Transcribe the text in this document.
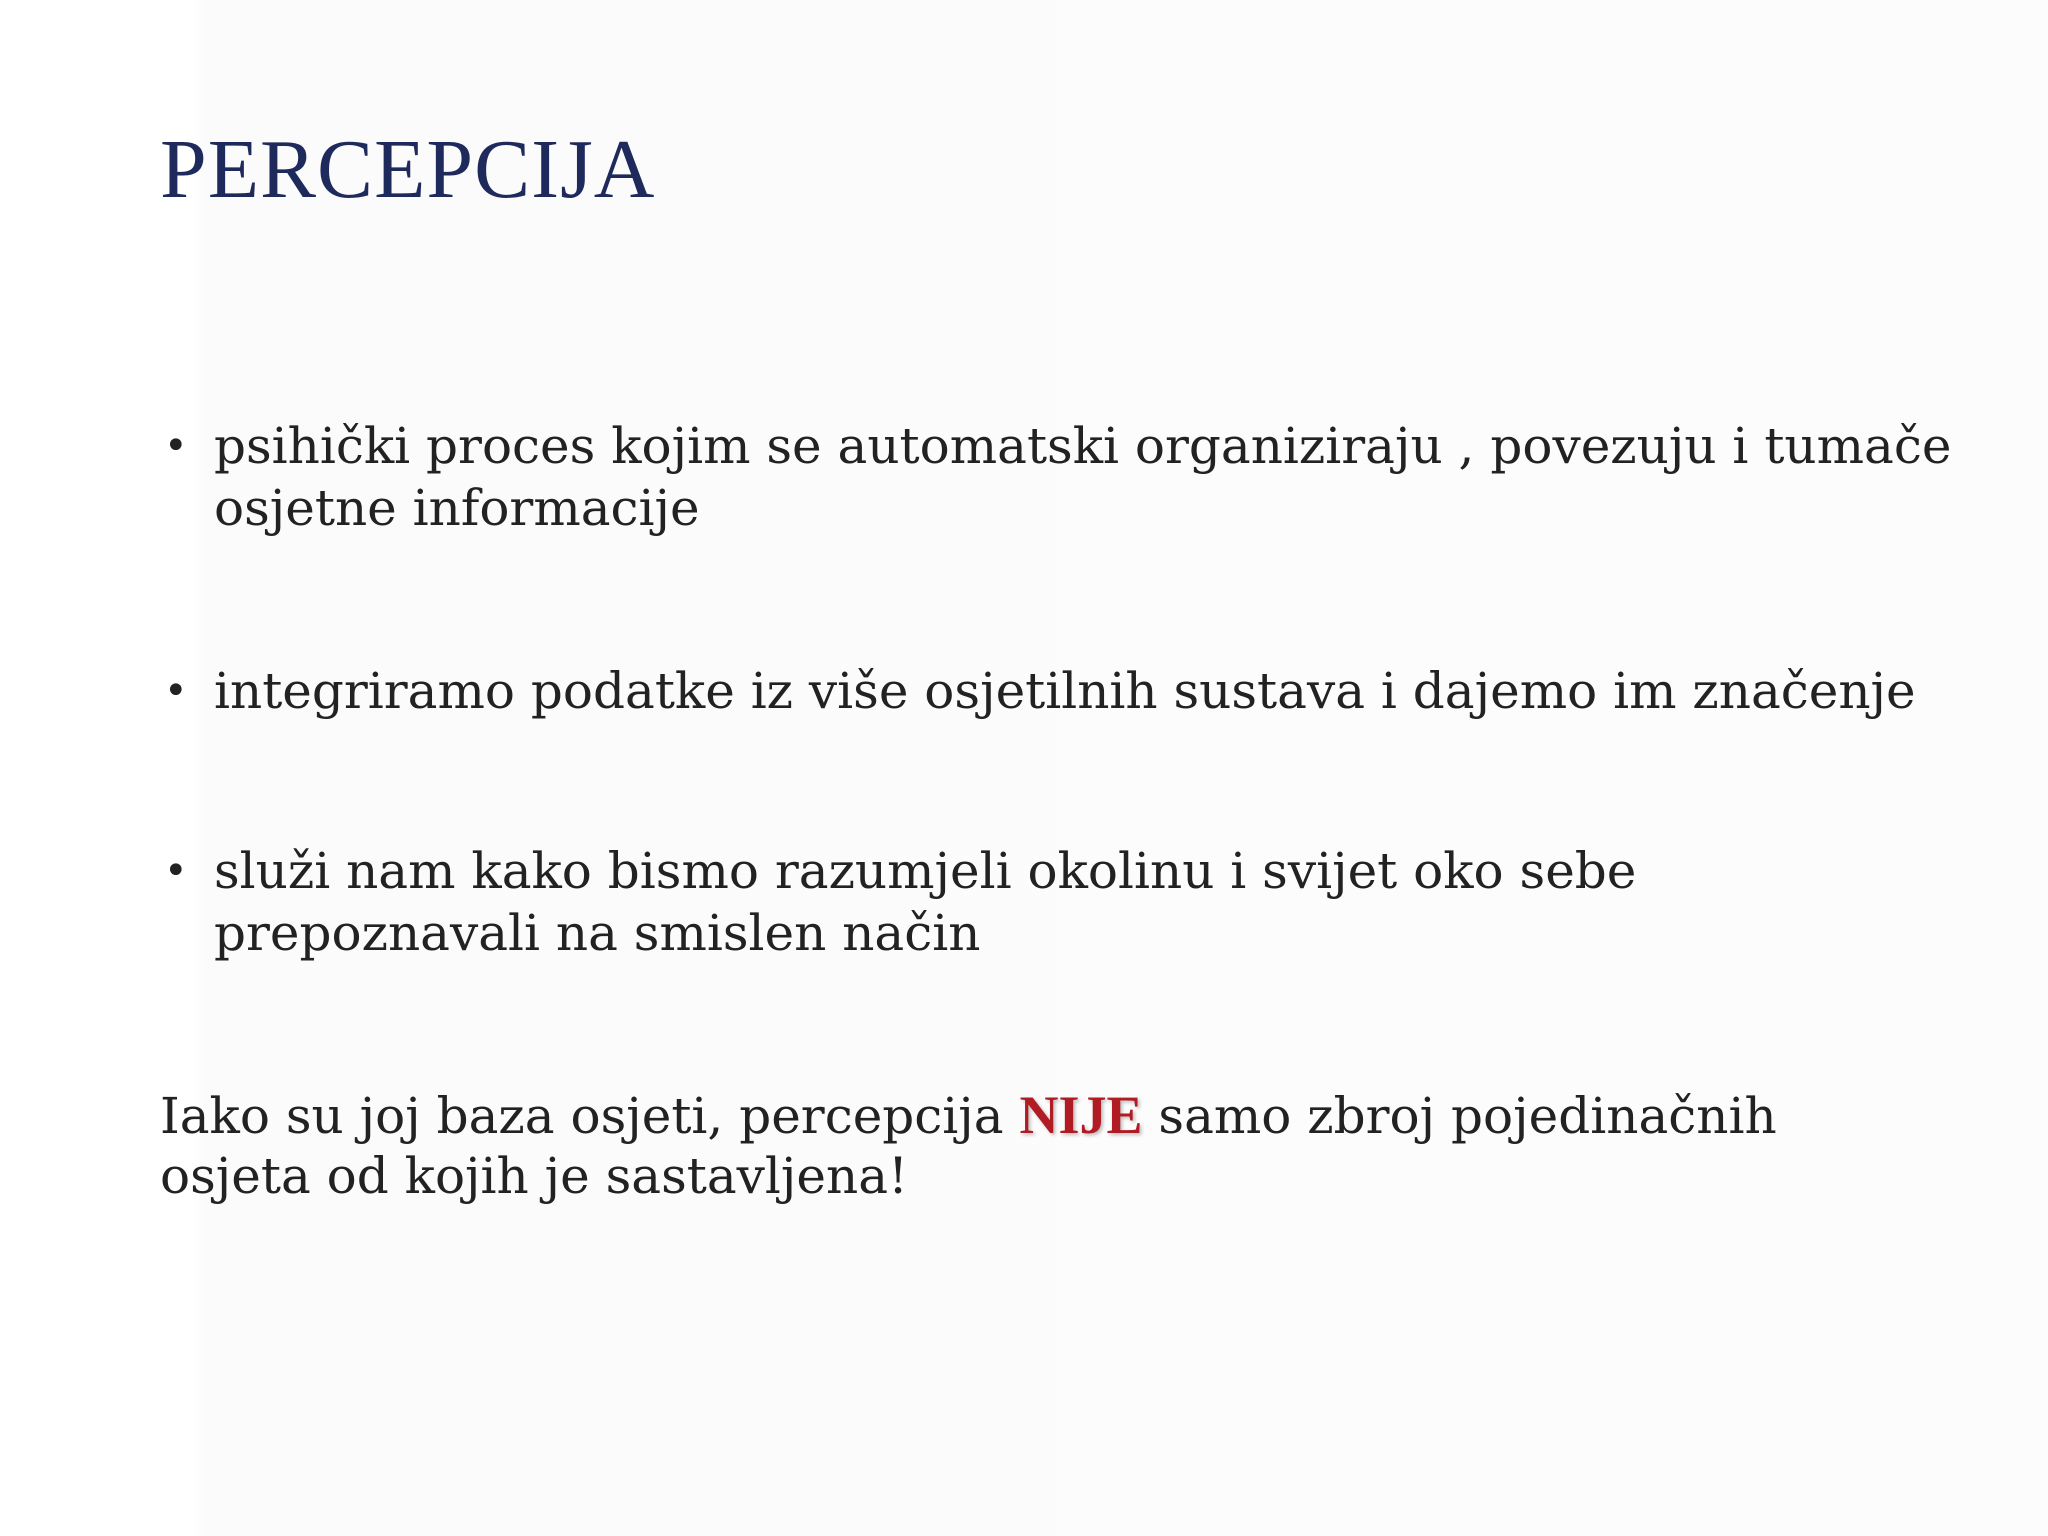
PERCEPCIJA
• psihički proces kojim se automatski organiziraju , povezuju i tumače osjetne informacije
• integriramo podatke iz više osjetilnih sustava i dajemo im značenje
• služi nam kako bismo razumjeli okolinu i svijet oko sebe prepoznavali na smislen način

Iako su joj baza osjeti, percepcija NIJE samo zbroj pojedinačnih osjeta od kojih je sastavljena!
